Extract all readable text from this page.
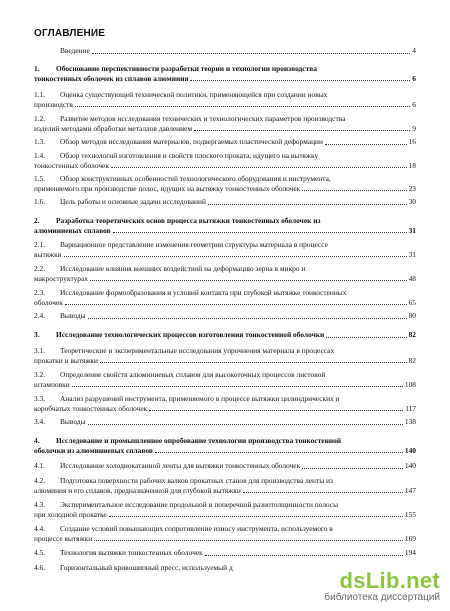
ОГЛАВЛЕНИЕ
Введение	4
1.	Обоснование перспективности разработки теории и технологии производства
тонкостенных оболочек из сплавов алюминия	6
1.1.	Оценка существующей технической политики, применяющейся при создании новых
производств	6
1.2.	Развитие методов исследования технических и технологических параметров производства
изделий методами обработки металлов давлением	9
1.3.	Обзор методов исследования материалов, подвергаемых пластической деформации	16
1.4.	Обзор технологий изготовления и свойств плоского проката, идущего на вытяжку
тонкостенных оболочек	18
1.5.	Обзор конструктивных особенностей технологического оборудования и инструмента,
применяемого при производстве полос, идущих на вытяжку тонкостенных оболочек	23
1.6.	Цель работы и основные задачи исследований	30
2.	Разработка теоретических основ процесса вытяжки тонкостенных оболочек из
алюминиевых сплавов	31
2.1.	Вариационное представление изменения геометрии структуры материала в процессе
вытяжки	31
2.2.	Исследование влияния внешних воздействий на деформацию зерна в микро и
макроструктурах	48
2.3.	Исследование формообразования и условий контакта при глубокой вытяжке тонкостенных
оболочек	65
2.4.	Выводы	80
3.	Исследование технологических процессов изготовления тонкостенной оболочки	82
3.1.	Теоретические и экспериментальные исследования упрочнения материала в процессах
прокатки и вытяжки	82
3.2.	Определение свойств алюминиевых сплавов для высокоточных процессов листовой
штамповки	108
3.3.	Анализ разрушений инструмента, применяемого в процессе вытяжки цилиндрических и
коробчатых тонкостенных оболочек	117
3.4.	Выводы	138
4.	Исследование и промышленное опробование технологии производства тонкостенной
оболочки из алюминиевых сплавов	140
4.1.	Исследование холоднокатанной ленты для вытяжки тонкостенных оболочек	140
4.2.	Подготовка поверхности рабочих валков прокатных станов для производства ленты из
алюминия и его сплавов, предназначенной для глубокой вытяжки	147
4.3.	Экспериментальное исследование продольной и поперечной разнотолщинности полосы
при холодной прокатке	155
4.4.	Создание условий повышающих сопротивление износу инструмента, используемого в
процессе вытяжки	169
4.5.	Технология вытяжки тонкостенных оболочек	194
4.6.	Горизонтальный кривошипный пресс, используемый д
dsLib.net
библиотека диссертаций
